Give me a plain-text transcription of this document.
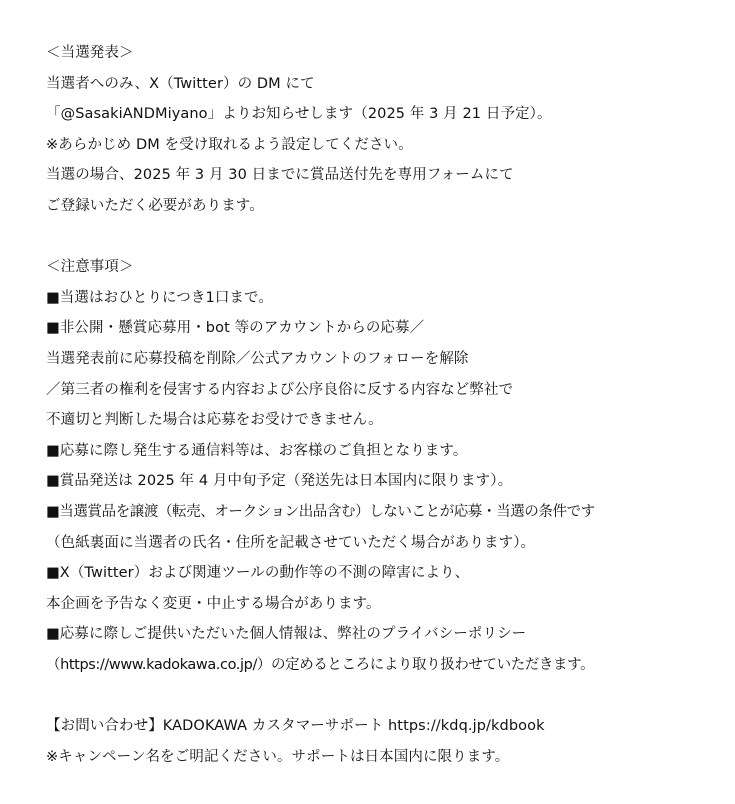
＜当選発表＞
当選者へのみ、X（Twitter）の DM にて
「@SasakiANDMiyano」よりお知らせします（2025 年 3 月 21 日予定）。
※あらかじめ DM を受け取れるよう設定してください。
当選の場合、2025 年 3 月 30 日までに賞品送付先を専用フォームにて
ご登録いただく必要があります。
＜注意事項＞
■当選はおひとりにつき1口まで。
■非公開・懸賞応募用・bot 等のアカウントからの応募／
当選発表前に応募投稿を削除／公式アカウントのフォローを解除
／第三者の権利を侵害する内容および公序良俗に反する内容など弊社で
不適切と判断した場合は応募をお受けできません。
■応募に際し発生する通信料等は、お客様のご負担となります。
■賞品発送は 2025 年 4 月中旬予定（発送先は日本国内に限ります）。
■当選賞品を譲渡（転売、オークション出品含む）しないことが応募・当選の条件です
（色紙裏面に当選者の氏名・住所を記載させていただく場合があります）。
■X（Twitter）および関連ツールの動作等の不測の障害により、
本企画を予告なく変更・中止する場合があります。
■応募に際しご提供いただいた個人情報は、弊社のプライバシーポリシー
（https://www.kadokawa.co.jp/）の定めるところにより取り扱わせていただきます。
【お問い合わせ】KADOKAWA カスタマーサポート https://kdq.jp/kdbook
※キャンペーン名をご明記ください。サポートは日本国内に限ります。
